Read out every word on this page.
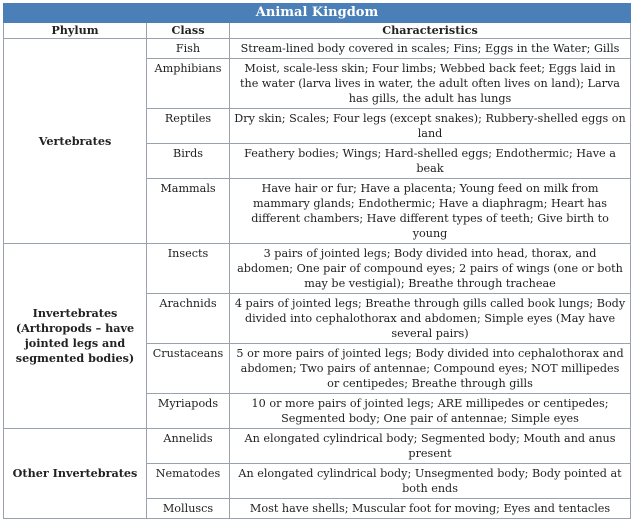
Animal Kingdom		
Phylum	Class	Characteristics
Vertebrates	Fish	Stream-lined body covered in scales; Fins; Eggs in the Water; Gills
	Amphibians	Moist, scale-less skin; Four limbs; Webbed back feet; Eggs laid in the water (larva lives in water, the adult often lives on land); Larva has gills, the adult has lungs
	Reptiles	Dry skin; Scales; Four legs (except snakes); Rubbery-shelled eggs on land
	Birds	Feathery bodies; Wings; Hard-shelled eggs; Endothermic; Have a beak
	Mammals	Have hair or fur; Have a placenta; Young feed on milk from mammary glands; Endothermic; Have a diaphragm; Heart has different chambers; Have different types of teeth; Give birth to young
Invertebrates (Arthropods – have jointed legs and segmented bodies)	Insects	3 pairs of jointed legs; Body divided into head, thorax, and abdomen; One pair of compound eyes; 2 pairs of wings (one or both may be vestigial); Breathe through tracheae
	Arachnids	4 pairs of jointed legs; Breathe through gills called book lungs; Body divided into cephalothorax and abdomen; Simple eyes (May have several pairs)
	Crustaceans	5 or more pairs of jointed legs; Body divided into cephalothorax and abdomen; Two pairs of antennae; Compound eyes; NOT millipedes or centipedes; Breathe through gills
	Myriapods	10 or more pairs of jointed legs; ARE millipedes or centipedes; Segmented body; One pair of antennae; Simple eyes
Other Invertebrates	Annelids	An elongated cylindrical body; Segmented body; Mouth and anus present
	Nematodes	An elongated cylindrical body; Unsegmented body; Body pointed at both ends
	Molluscs	Most have shells; Muscular foot for moving; Eyes and tentacles
